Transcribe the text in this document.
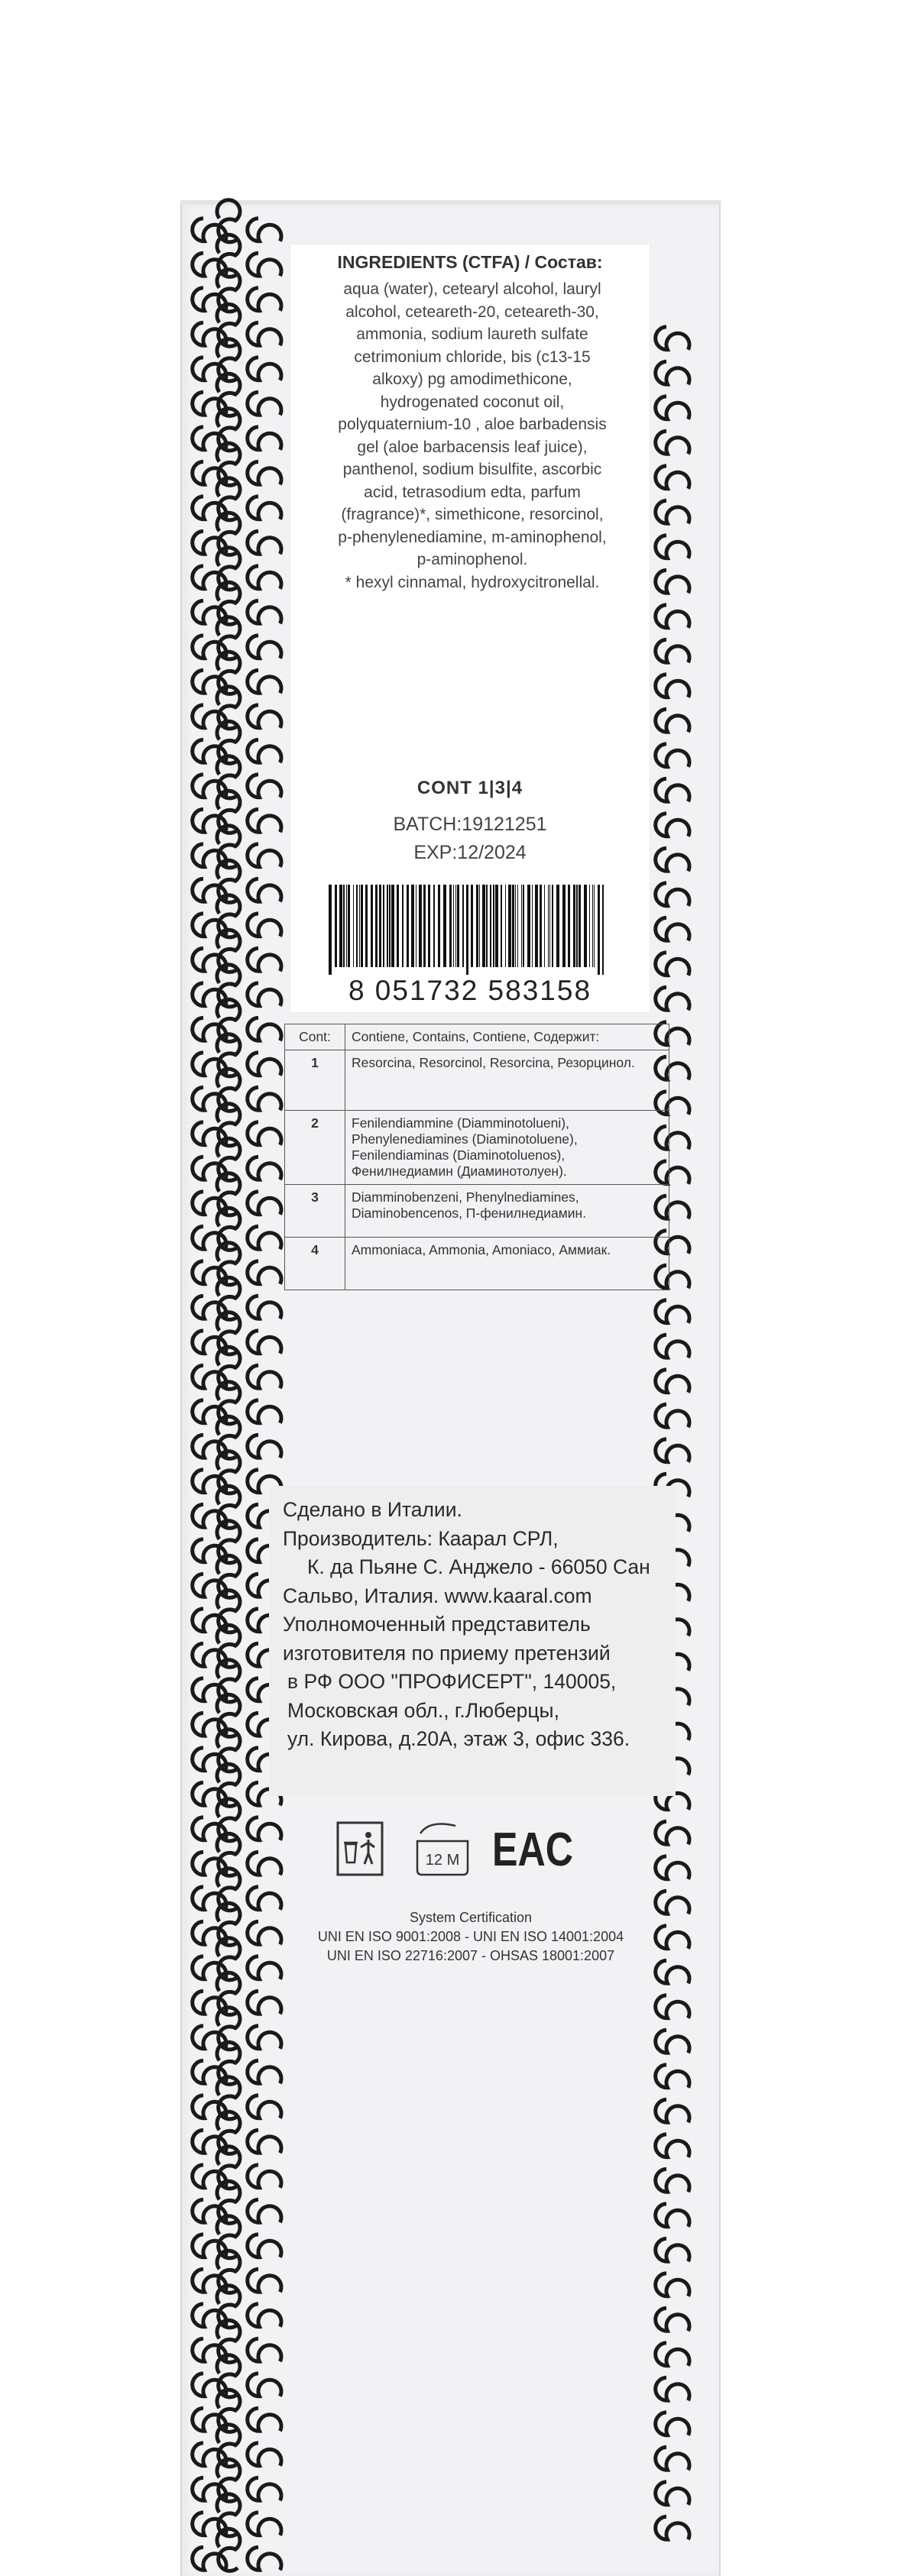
INGREDIENTS (CTFA) / Состав:
aqua (water), cetearyl alcohol, lauryl
alcohol, ceteareth-20, ceteareth-30,
ammonia, sodium laureth sulfate
cetrimonium chloride, bis (c13-15
alkoxy) pg amodimethicone,
hydrogenated coconut oil,
polyquaternium-10 , aloe barbadensis
gel (aloe barbacensis leaf juice),
panthenol, sodium bisulfite, ascorbic
acid, tetrasodium edta, parfum
(fragrance)*, simethicone, resorcinol,
p-phenylenediamine, m-aminophenol,
p-aminophenol.
* hexyl cinnamal, hydroxycitronellal.
CONT 1|3|4
BATCH:19121251
EXP:12/2024
8 051732 583158
Cont:	Contiene, Contains, Contiene, Содержит:
1	Resorcina, Resorcinol, Resorcina, Резорцинол.
2	Fenilendiammine (Diamminotolueni), Phenylenediamines (Diaminotoluene), Fenilendiaminas (Diaminotoluenos), Фенилнедиамин (Диаминотолуен).
3	Diamminobenzeni, Phenylnediamines, Diaminobencenos, П-фенилнедиамин.
4	Ammoniaca, Ammonia, Amoniaco, Аммиак.
Сделано в Италии.
Производитель: Каарал СРЛ,
К. да Пьяне С. Анджело - 66050 Сан
Сальво, Италия. www.kaaral.com
Уполномоченный представитель
изготовителя по приему претензий
в РФ ООО "ПРОФИСЕРТ", 140005,
Московская обл., г.Люберцы,
ул. Кирова, д.20А, этаж 3, офис 336.
12 M EAC
System Certification
UNI EN ISO 9001:2008 - UNI EN ISO 14001:2004
UNI EN ISO 22716:2007 - OHSAS 18001:2007
